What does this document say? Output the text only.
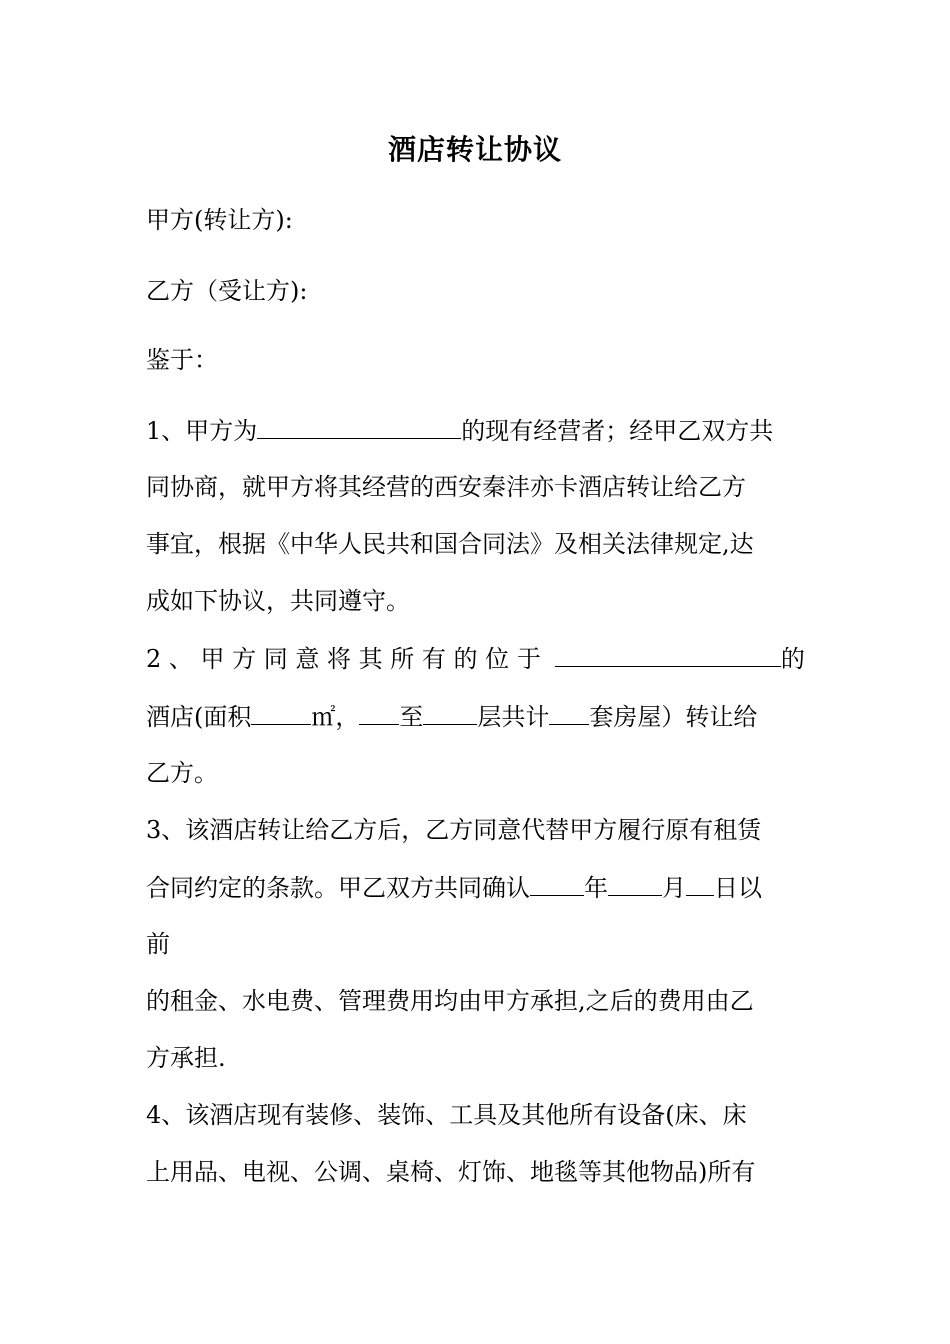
酒店转让协议
甲方(转让方):
乙方（受让方):
鉴于：
1、甲方为	的现有经营者；经甲乙双方共
同协商，就甲方将其经营的西安秦沣亦卡酒店转让给乙方
事宜，根据《中华人民共和国合同法》及相关法律规定,达
成如下协议，共同遵守。
2 、 甲 方 同 意 将 其 所 有 的 位 于	的
酒店(面积	㎡， 至 层共计 套房屋）转让给
乙方。
3、该酒店转让给乙方后，乙方同意代替甲方履行原有租赁
合同约定的条款。甲乙双方共同确认 年 月 日以
前
的租金、水电费、管理费用均由甲方承担,之后的费用由乙
方承担.
4、该酒店现有装修、装饰、工具及其他所有设备(床、床
上用品、电视、公调、桌椅、灯饰、地毯等其他物品)所有
